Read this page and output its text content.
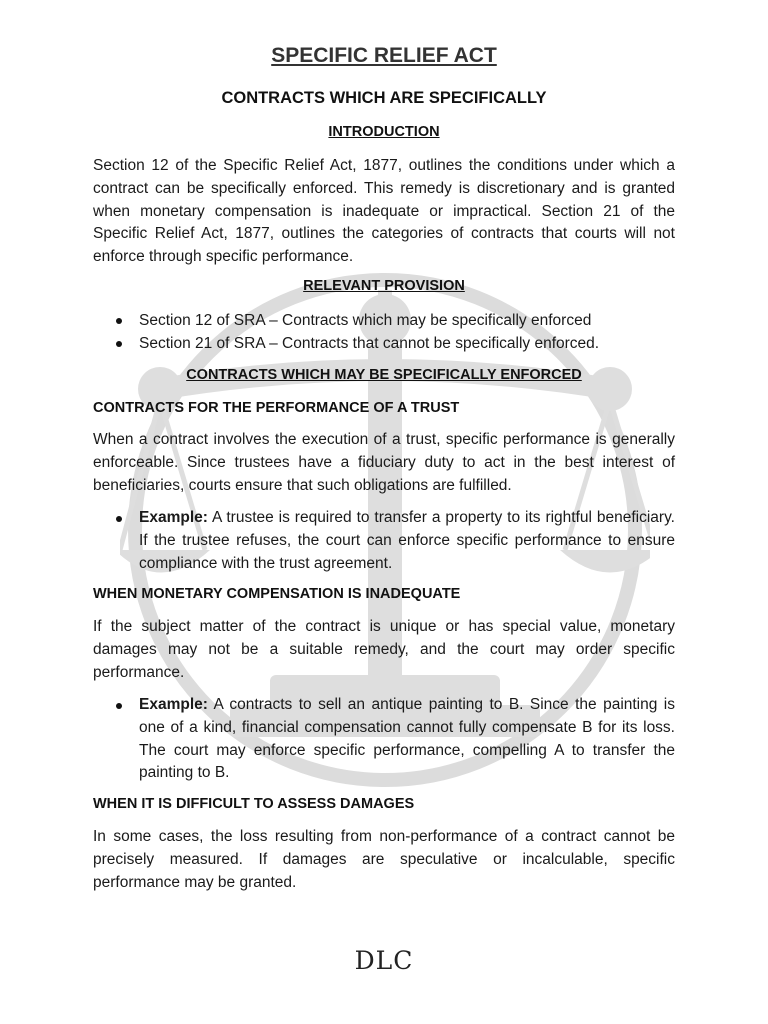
SPECIFIC RELIEF ACT
CONTRACTS WHICH ARE SPECIFICALLY
INTRODUCTION

Section 12 of the Specific Relief Act, 1877, outlines the conditions under which a contract can be specifically enforced. This remedy is discretionary and is granted when monetary compensation is inadequate or impractical. Section 21 of the Specific Relief Act, 1877, outlines the categories of contracts that courts will not enforce through specific performance.

RELEVANT PROVISION
Section 12 of SRA – Contracts which may be specifically enforced
Section 21 of SRA – Contracts that cannot be specifically enforced.
CONTRACTS WHICH MAY BE SPECIFICALLY ENFORCED
CONTRACTS FOR THE PERFORMANCE OF A TRUST

When a contract involves the execution of a trust, specific performance is generally enforceable. Since trustees have a fiduciary duty to act in the best interest of beneficiaries, courts ensure that such obligations are fulfilled.

Example: A trustee is required to transfer a property to its rightful beneficiary. If the trustee refuses, the court can enforce specific performance to ensure compliance with the trust agreement.

WHEN MONETARY COMPENSATION IS INADEQUATE

If the subject matter of the contract is unique or has special value, monetary damages may not be a suitable remedy, and the court may order specific performance.

Example: A contracts to sell an antique painting to B. Since the painting is one of a kind, financial compensation cannot fully compensate B for its loss. The court may enforce specific performance, compelling A to transfer the painting to B.

WHEN IT IS DIFFICULT TO ASSESS DAMAGES

In some cases, the loss resulting from non-performance of a contract cannot be precisely measured. If damages are speculative or incalculable, specific performance may be granted.

DLC
